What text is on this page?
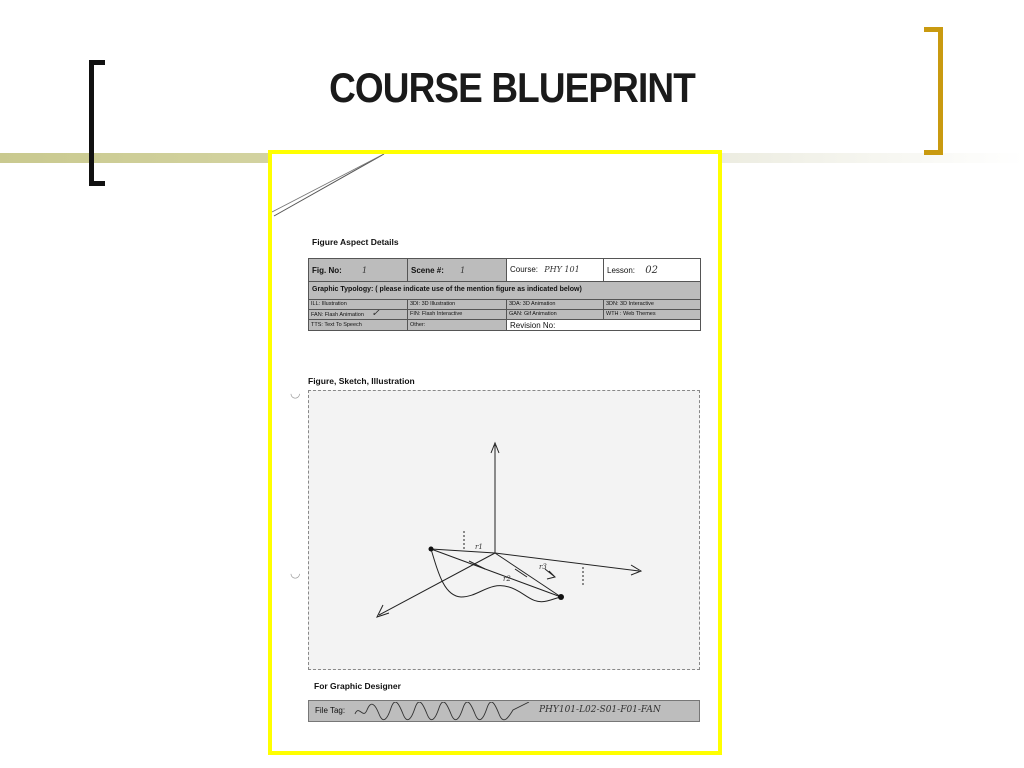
COURSE BLUEPRINT
Figure Aspect Details
Fig. No:	1	Scene #: 1	Course: PHY 101	Lesson: 02
Graphic Typology: ( please indicate use of the mention figure as indicated below)
ILL: Illustration	3DI: 3D Illustration	3DA: 3D Animation	3DN: 3D Interactive
FAN: Flash Animation ✓	FIN: Flash Interactive	GAN: Gif Animation	WTH : Web Themes
TTS: Text To Speech	Other:	Revision No:
Figure, Sketch, Illustration
◡
◡
r1
r2
r3
For Graphic Designer
File Tag:	PHY101-L02-S01-F01-FAN
